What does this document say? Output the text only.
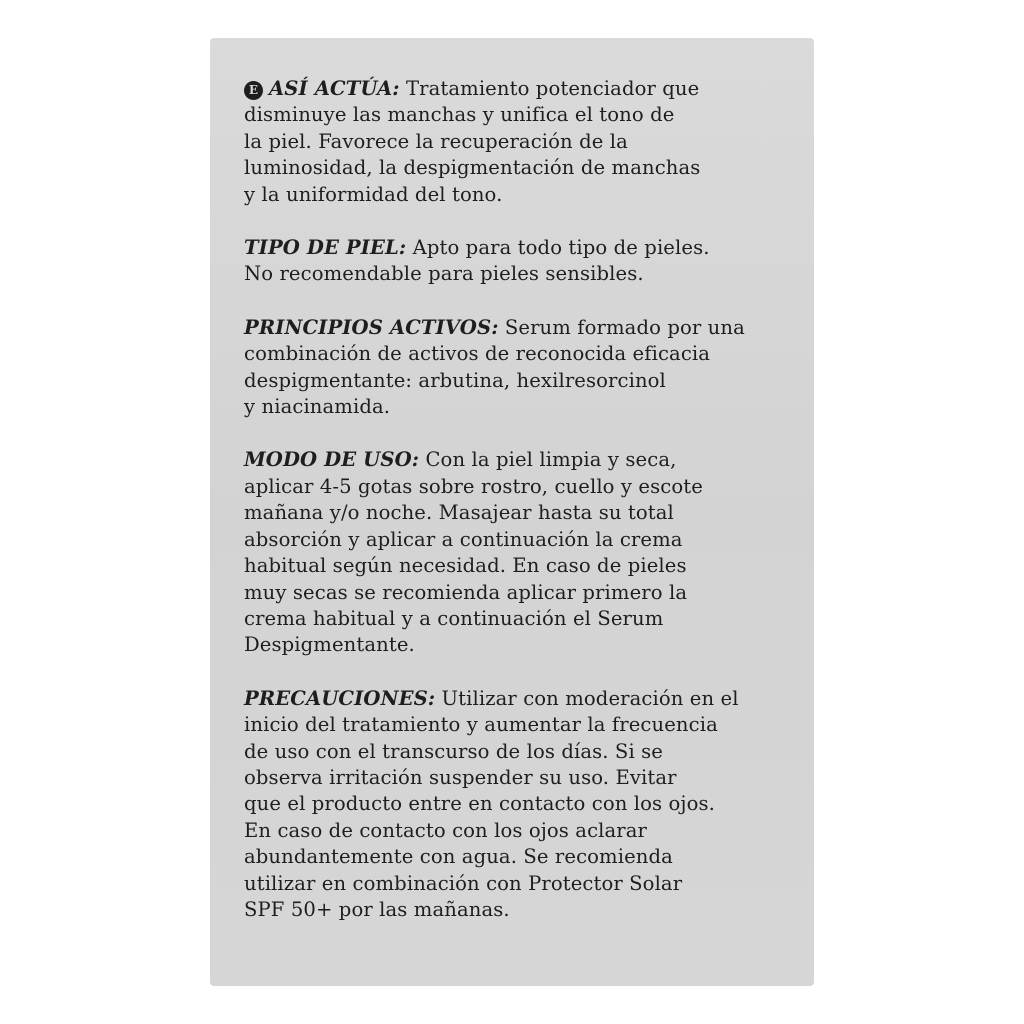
E ASÍ ACTÚA: Tratamiento potenciador que
disminuye las manchas y unifica el tono de
la piel. Favorece la recuperación de la
luminosidad, la despigmentación de manchas
y la uniformidad del tono.
TIPO DE PIEL: Apto para todo tipo de pieles.
No recomendable para pieles sensibles.
PRINCIPIOS ACTIVOS: Serum formado por una
combinación de activos de reconocida eficacia
despigmentante: arbutina, hexilresorcinol
y niacinamida.
MODO DE USO: Con la piel limpia y seca,
aplicar 4-5 gotas sobre rostro, cuello y escote
mañana y/o noche. Masajear hasta su total
absorción y aplicar a continuación la crema
habitual según necesidad. En caso de pieles
muy secas se recomienda aplicar primero la
crema habitual y a continuación el Serum
Despigmentante.
PRECAUCIONES: Utilizar con moderación en el
inicio del tratamiento y aumentar la frecuencia
de uso con el transcurso de los días. Si se
observa irritación suspender su uso. Evitar
que el producto entre en contacto con los ojos.
En caso de contacto con los ojos aclarar
abundantemente con agua. Se recomienda
utilizar en combinación con Protector Solar
SPF 50+ por las mañanas.
